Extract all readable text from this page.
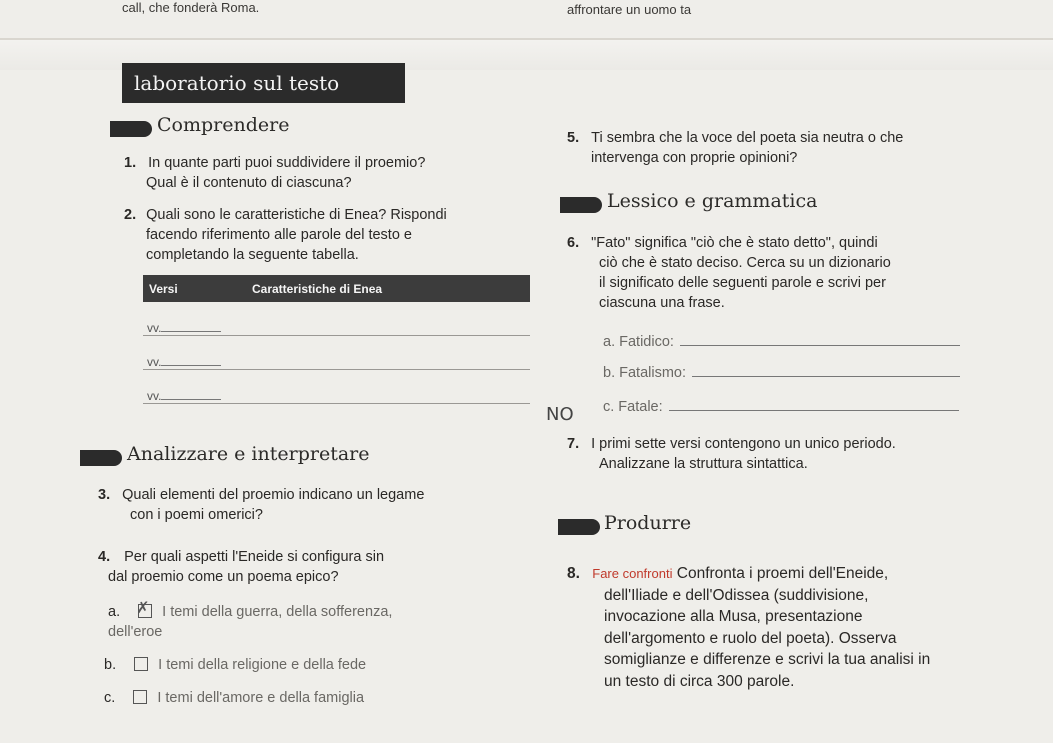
call, che fonderà Roma.	affrontare un uomo ta
laboratorio sul testo
Comprendere
1. In quante parti puoi suddividere il proemio?
Qual è il contenuto di ciascuna?
2. Quali sono le caratteristiche di Enea? Rispondi
facendo riferimento alle parole del testo e
completando la seguente tabella.
Versi	Caratteristiche di Enea
vv.	
vv.	
vv.	
Analizzare e interpretare
3. Quali elementi del proemio indicano un legame
con i poemi omerici?
4. Per quali aspetti l'Eneide si configura sin
dal proemio come un poema epico?
a. ✗ I temi della guerra, della sofferenza,
dell'eroe
b.	I temi della religione e della fede
c.	I temi dell'amore e della famiglia
5. Ti sembra che la voce del poeta sia neutra o che
intervenga con proprie opinioni?
Lessico e grammatica
6. "Fato" significa "ciò che è stato detto", quindi
ciò che è stato deciso. Cerca su un dizionario
il significato delle seguenti parole e scrivi per
ciascuna una frase.
a. Fatidico:
b. Fatalismo:
c. Fatale:
NO
7. I primi sette versi contengono un unico periodo.
Analizzane la struttura sintattica.
Produrre
8. Fare confronti Confronta i proemi dell'Eneide,
dell'Iliade e dell'Odissea (suddivisione,
invocazione alla Musa, presentazione
dell'argomento e ruolo del poeta). Osserva
somiglianze e differenze e scrivi la tua analisi in
un testo di circa 300 parole.
